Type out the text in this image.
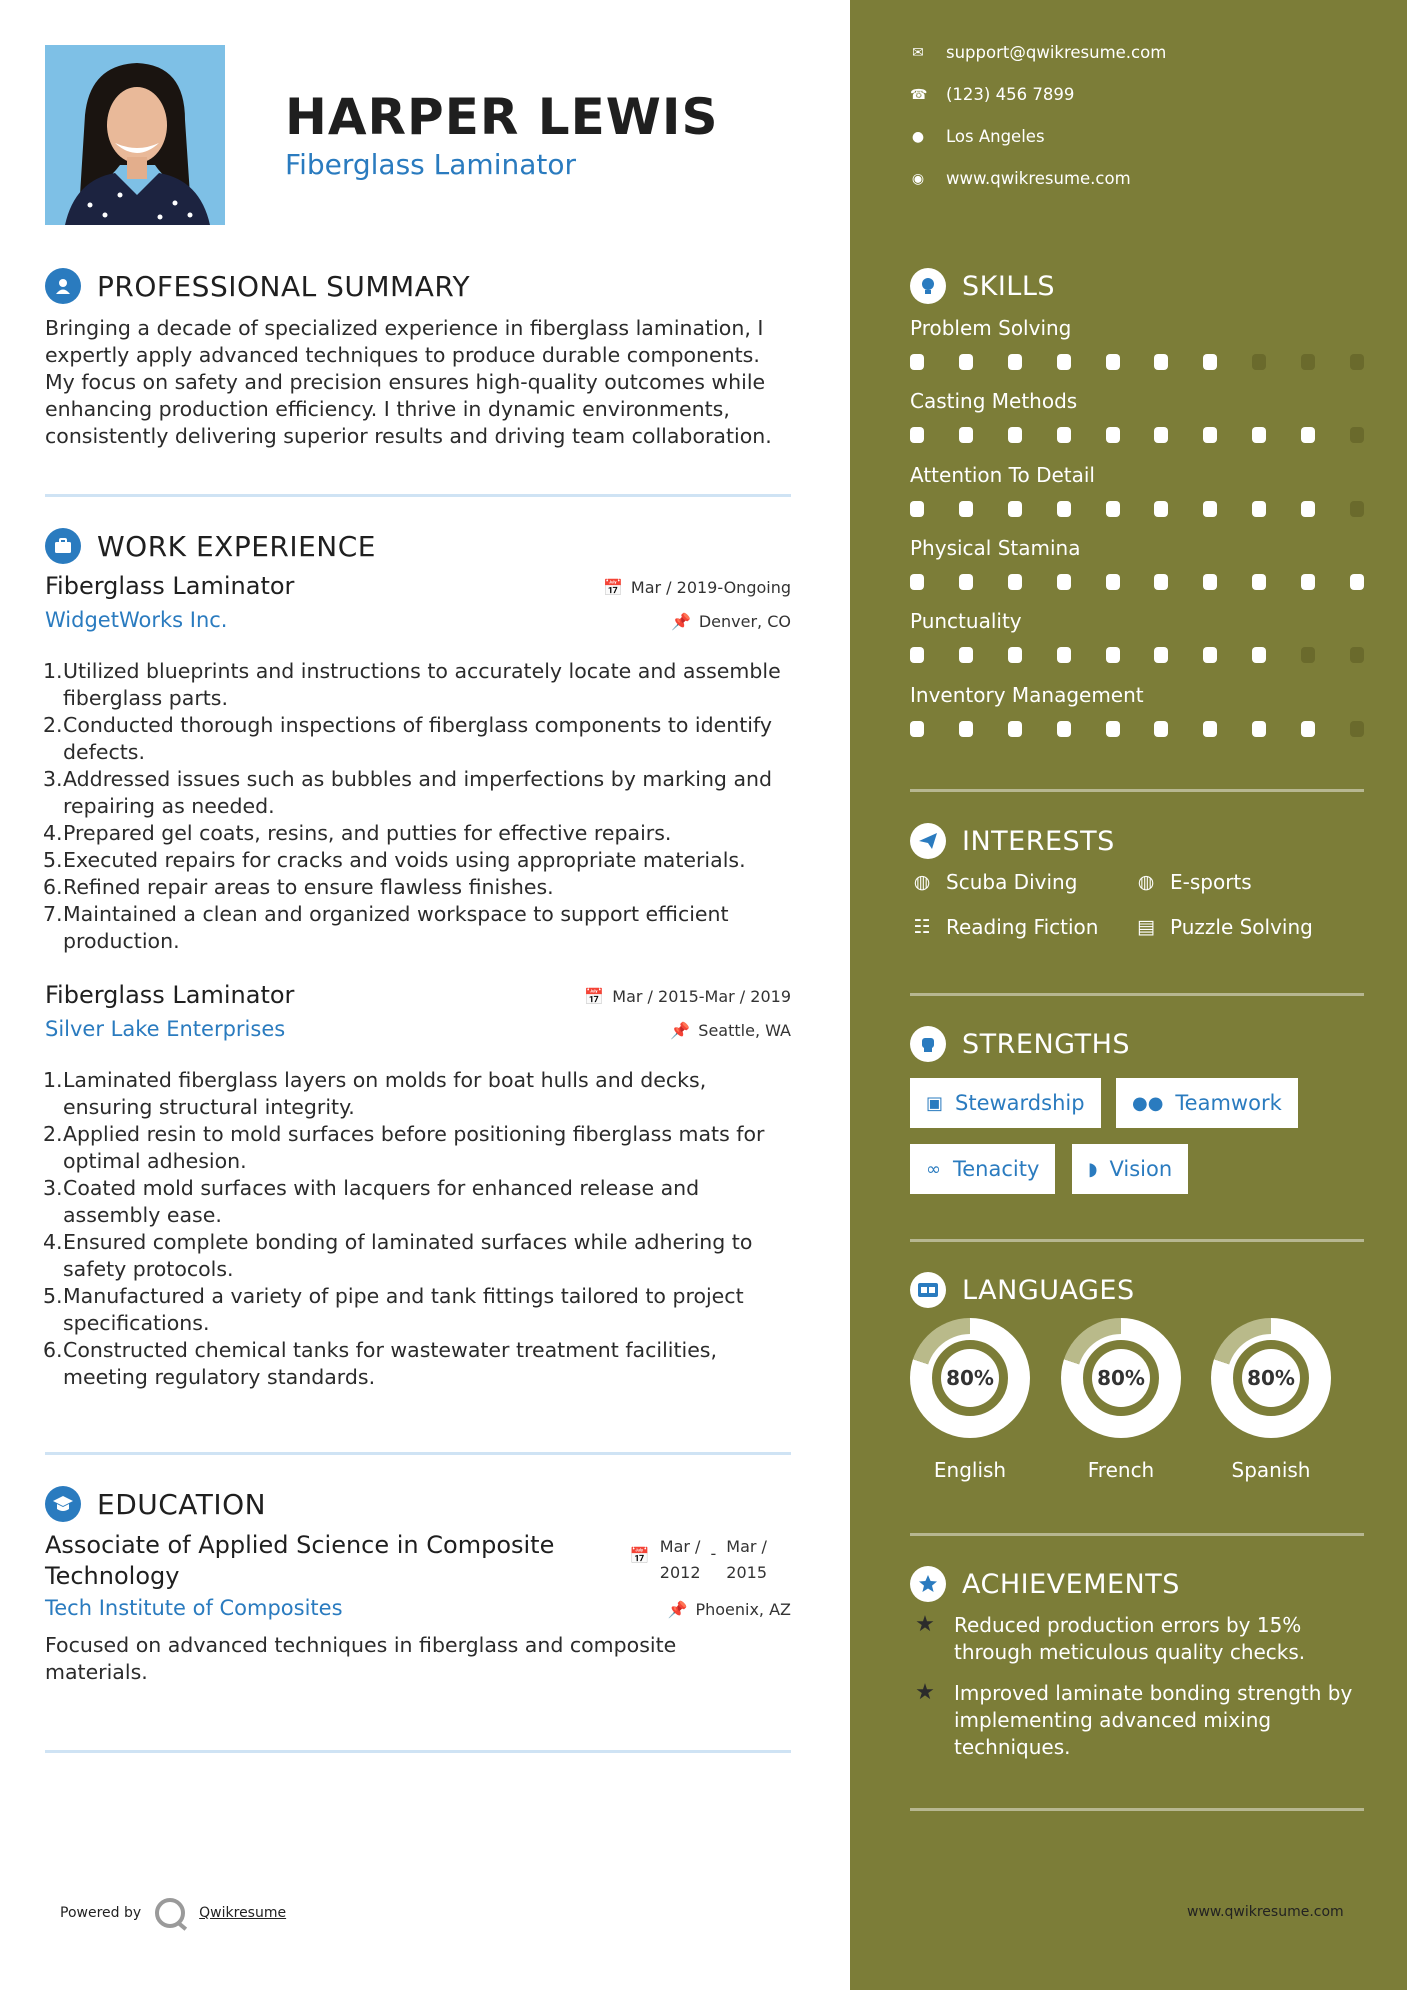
HARPER LEWIS
Fiberglass Laminator
PROFESSIONAL SUMMARY
Bringing a decade of specialized experience in fiberglass lamination, I expertly apply advanced techniques to produce durable components. My focus on safety and precision ensures high-quality outcomes while enhancing production efficiency. I thrive in dynamic environments, consistently delivering superior results and driving team collaboration.
WORK EXPERIENCE
Fiberglass Laminator	📅 Mar / 2019-Ongoing
WidgetWorks Inc.	📌 Denver, CO
1. Utilized blueprints and instructions to accurately locate and assemble fiberglass parts.
2. Conducted thorough inspections of fiberglass components to identify defects.
3. Addressed issues such as bubbles and imperfections by marking and repairing as needed.
4. Prepared gel coats, resins, and putties for effective repairs.
5. Executed repairs for cracks and voids using appropriate materials.
6. Refined repair areas to ensure flawless finishes.
7. Maintained a clean and organized workspace to support efficient production.
Fiberglass Laminator	📅 Mar / 2015-Mar / 2019
Silver Lake Enterprises	📌 Seattle, WA
1. Laminated fiberglass layers on molds for boat hulls and decks, ensuring structural integrity.
2. Applied resin to mold surfaces before positioning fiberglass mats for optimal adhesion.
3. Coated mold surfaces with lacquers for enhanced release and assembly ease.
4. Ensured complete bonding of laminated surfaces while adhering to safety protocols.
5. Manufactured a variety of pipe and tank fittings tailored to project specifications.
6. Constructed chemical tanks for wastewater treatment facilities, meeting regulatory standards.
EDUCATION
Associate of Applied Science in Composite Technology
📅 Mar /
2012
- Mar /
2015
Tech Institute of Composites	📌 Phoenix, AZ
Focused on advanced techniques in fiberglass and composite materials.
Powered by	Qwikresume
✉ support@qwikresume.com
☎ (123) 456 7899
● Los Angeles
◉ www.qwikresume.com
SKILLS
Problem Solving
Casting Methods
Attention To Detail
Physical Stamina
Punctuality
Inventory Management
INTERESTS
◍ Scuba Diving	◍ E-sports
☷ Reading Fiction ▤ Puzzle Solving
STRENGTHS
▣ Stewardship	●● Teamwork
∞ Tenacity	◗ Vision
LANGUAGES
80%
English
80%
French
80%
Spanish
ACHIEVEMENTS
★ Reduced production errors by 15% through meticulous quality checks.
★ Improved laminate bonding strength by implementing advanced mixing techniques.
www.qwikresume.com
